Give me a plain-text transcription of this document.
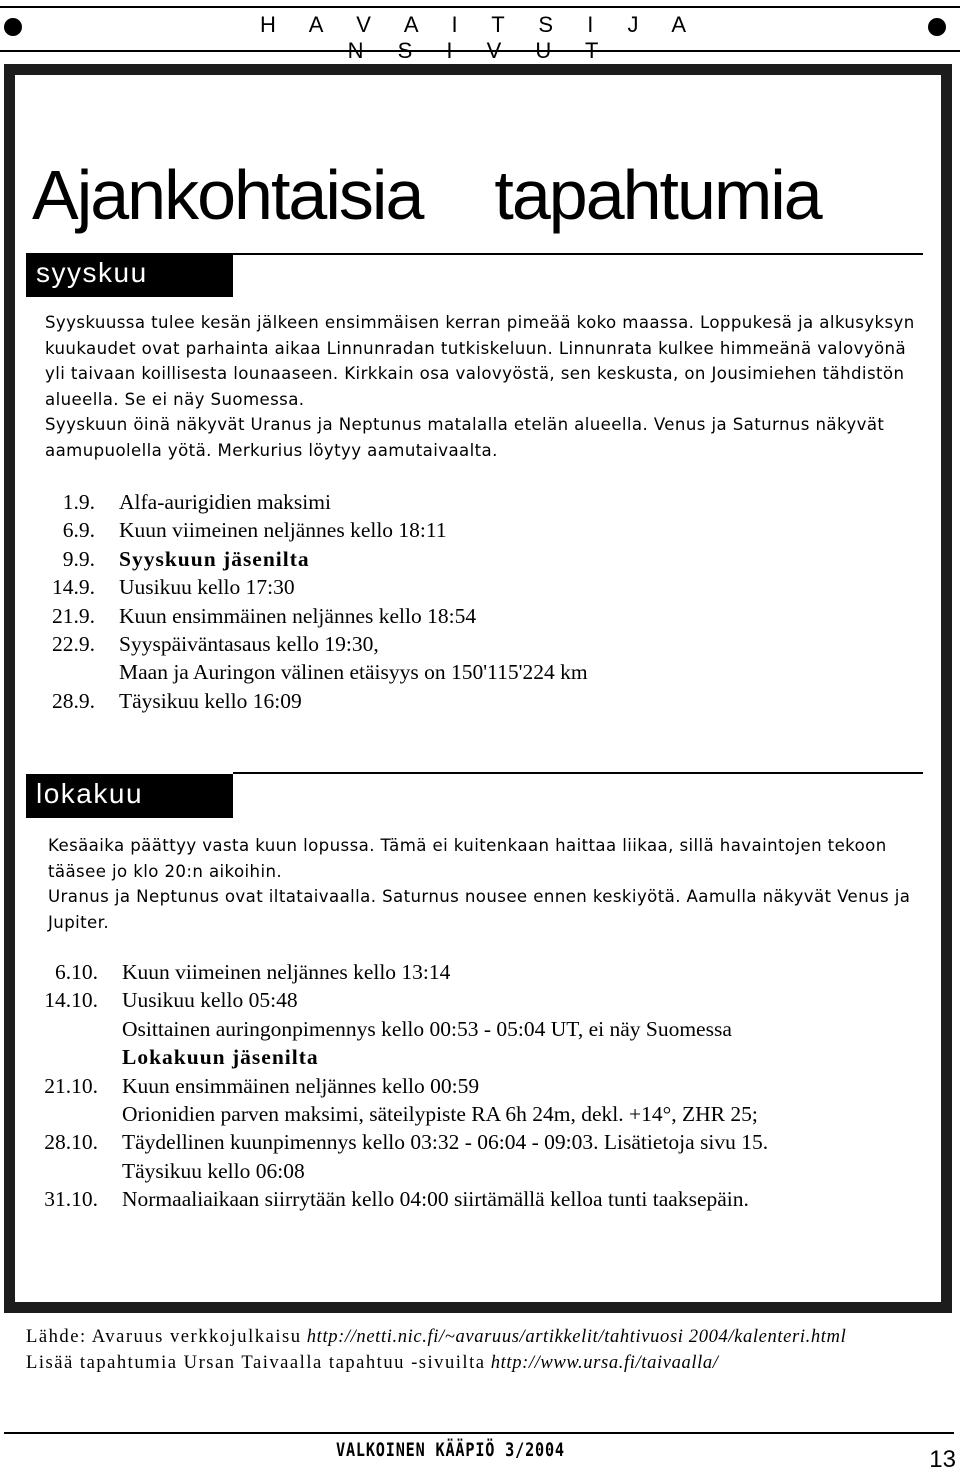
H A V A I T S I J A N S I V U T
Ajankohtaisia tapahtumia
syyskuu

Syyskuussa tulee kesän jälkeen ensimmäisen kerran pimeää koko maassa. Loppukesä ja alkusyksyn kuukaudet ovat parhainta aikaa Linnunradan tutkiskeluun. Linnunrata kulkee himmeänä valovyönä yli taivaan koillisesta lounaaseen. Kirkkain osa valovyöstä, sen keskusta, on Jousimiehen tähdistön alueella. Se ei näy Suomessa.

Syyskuun öinä näkyvät Uranus ja Neptunus matalalla etelän alueella. Venus ja Saturnus näkyvät aamupuolella yötä. Merkurius löytyy aamutaivaalta.

1.9. Alfa-aurigidien maksimi
6.9. Kuun viimeinen neljännes kello 18:11
9.9. Syyskuun jäsenilta
14.9. Uusikuu kello 17:30
21.9. Kuun ensimmäinen neljännes kello 18:54
22.9. Syyspäiväntasaus kello 19:30,
Maan ja Auringon välinen etäisyys on 150'115'224 km
28.9. Täysikuu kello 16:09
lokakuu

Kesäaika päättyy vasta kuun lopussa. Tämä ei kuitenkaan haittaa liikaa, sillä havaintojen tekoon tääsee jo klo 20:n aikoihin.

Uranus ja Neptunus ovat iltataivaalla. Saturnus nousee ennen keskiyötä. Aamulla näkyvät Venus ja Jupiter.

6.10. Kuun viimeinen neljännes kello 13:14
14.10. Uusikuu kello 05:48
Osittainen auringonpimennys kello 00:53 - 05:04 UT, ei näy Suomessa
Lokakuun jäsenilta
21.10. Kuun ensimmäinen neljännes kello 00:59
Orionidien parven maksimi, säteilypiste RA 6h 24m, dekl. +14°, ZHR 25;
28.10. Täydellinen kuunpimennys kello 03:32 - 06:04 - 09:03. Lisätietoja sivu 15.
Täysikuu kello 06:08
31.10. Normaaliaikaan siirrytään kello 04:00 siirtämällä kelloa tunti taaksepäin.
Lähde: Avaruus verkkojulkaisu http://netti.nic.fi/~avaruus/artikkelit/tahtivuosi 2004/kalenteri.html
Lisää tapahtumia Ursan Taivaalla tapahtuu -sivuilta http://www.ursa.fi/taivaalla/
VALKOINEN KÄÄPIÖ 3/2004	13
